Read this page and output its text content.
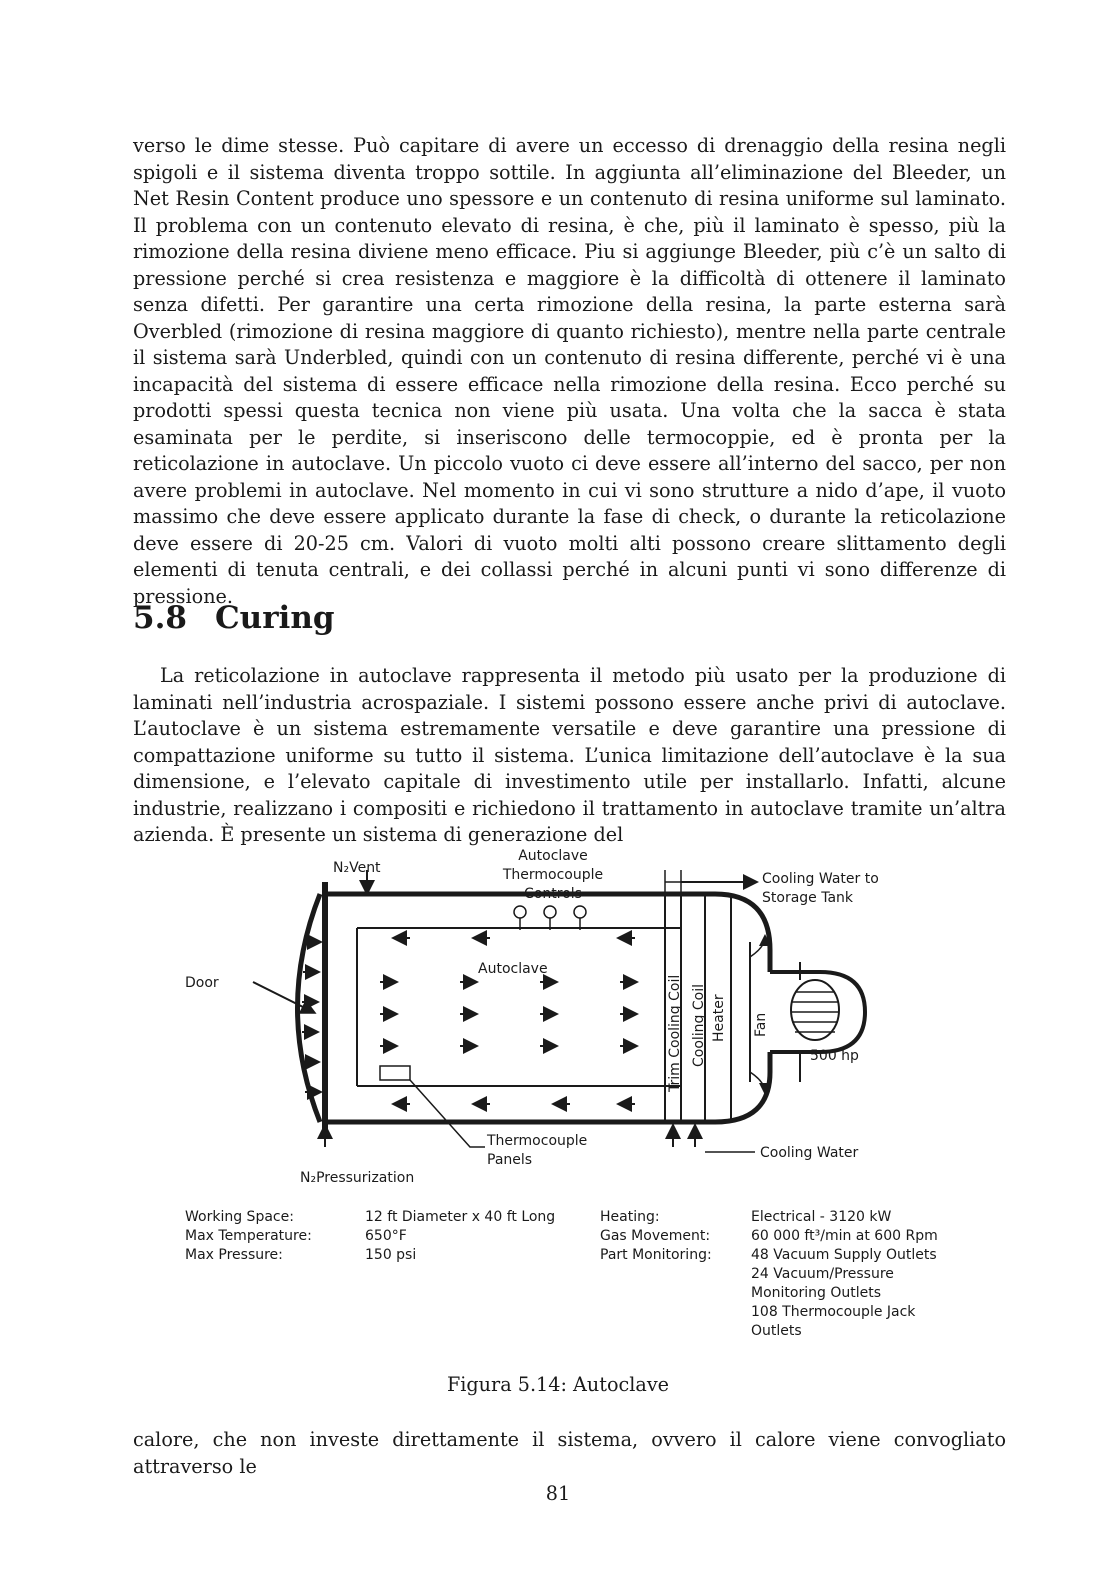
verso le dime stesse. Può capitare di avere un eccesso di drenaggio della resina negli spigoli e il sistema diventa troppo sottile. In aggiunta all’eliminazione del Bleeder, un Net Resin Content produce uno spessore e un contenuto di resina uniforme sul laminato. Il problema con un contenuto elevato di resina, è che, più il laminato è spesso, più la rimozione della resina diviene meno efficace. Piu si aggiunge Bleeder, più c’è un salto di pressione perché si crea resistenza e maggiore è la difficoltà di ottenere il laminato senza difetti. Per garantire una certa rimozione della resina, la parte esterna sarà Overbled (rimozione di resina maggiore di quanto richiesto), mentre nella parte centrale il sistema sarà Underbled, quindi con un contenuto di resina differente, perché vi è una incapacità del sistema di essere efficace nella rimozione della resina. Ecco perché su prodotti spessi questa tecnica non viene più usata. Una volta che la sacca è stata esaminata per le perdite, si inseriscono delle termocoppie, ed è pronta per la reticolazione in autoclave. Un piccolo vuoto ci deve essere all’interno del sacco, per non avere problemi in autoclave. Nel momento in cui vi sono strutture a nido d’ape, il vuoto massimo che deve essere applicato durante la fase di check, o durante la reticolazione deve essere di 20-25 cm. Valori di vuoto molti alti possono creare slittamento degli elementi di tenuta centrali, e dei collassi perché in alcuni punti vi sono differenze di pressione.

5.8 Curing

La reticolazione in autoclave rappresenta il metodo più usato per la produzione di laminati nell’industria acrospaziale. I sistemi possono essere anche privi di autoclave. L’autoclave è un sistema estremamente versatile e deve garantire una pressione di compattazione uniforme su tutto il sistema. L’unica limitazione dell’autoclave è la sua dimensione, e l’elevato capitale di investimento utile per installarlo. Infatti, alcune industrie, realizzano i compositi e richiedono il trattamento in autoclave tramite un’altra azienda. È presente un sistema di generazione del

N₂Vent
Autoclave
Thermocouple
Controls
Cooling Water to
Storage Tank
Door
Autoclave
Trim Cooling Coil Cooling Coil Heater Fan
500 hp
Thermocouple
Panels	Cooling Water
N₂Pressurization
Working Space:
Max Temperature:
Max Pressure:
12 ft Diameter x 40 ft Long
650°F
150 psi
Heating:
Gas Movement:
Part Monitoring:
Electrical - 3120 kW
60 000 ft³/min at 600 Rpm
48 Vacuum Supply Outlets
24 Vacuum/Pressure
Monitoring Outlets
108 Thermocouple Jack
Outlets

Figura 5.14: Autoclave

calore, che non investe direttamente il sistema, ovvero il calore viene convogliato attraverso le

81
